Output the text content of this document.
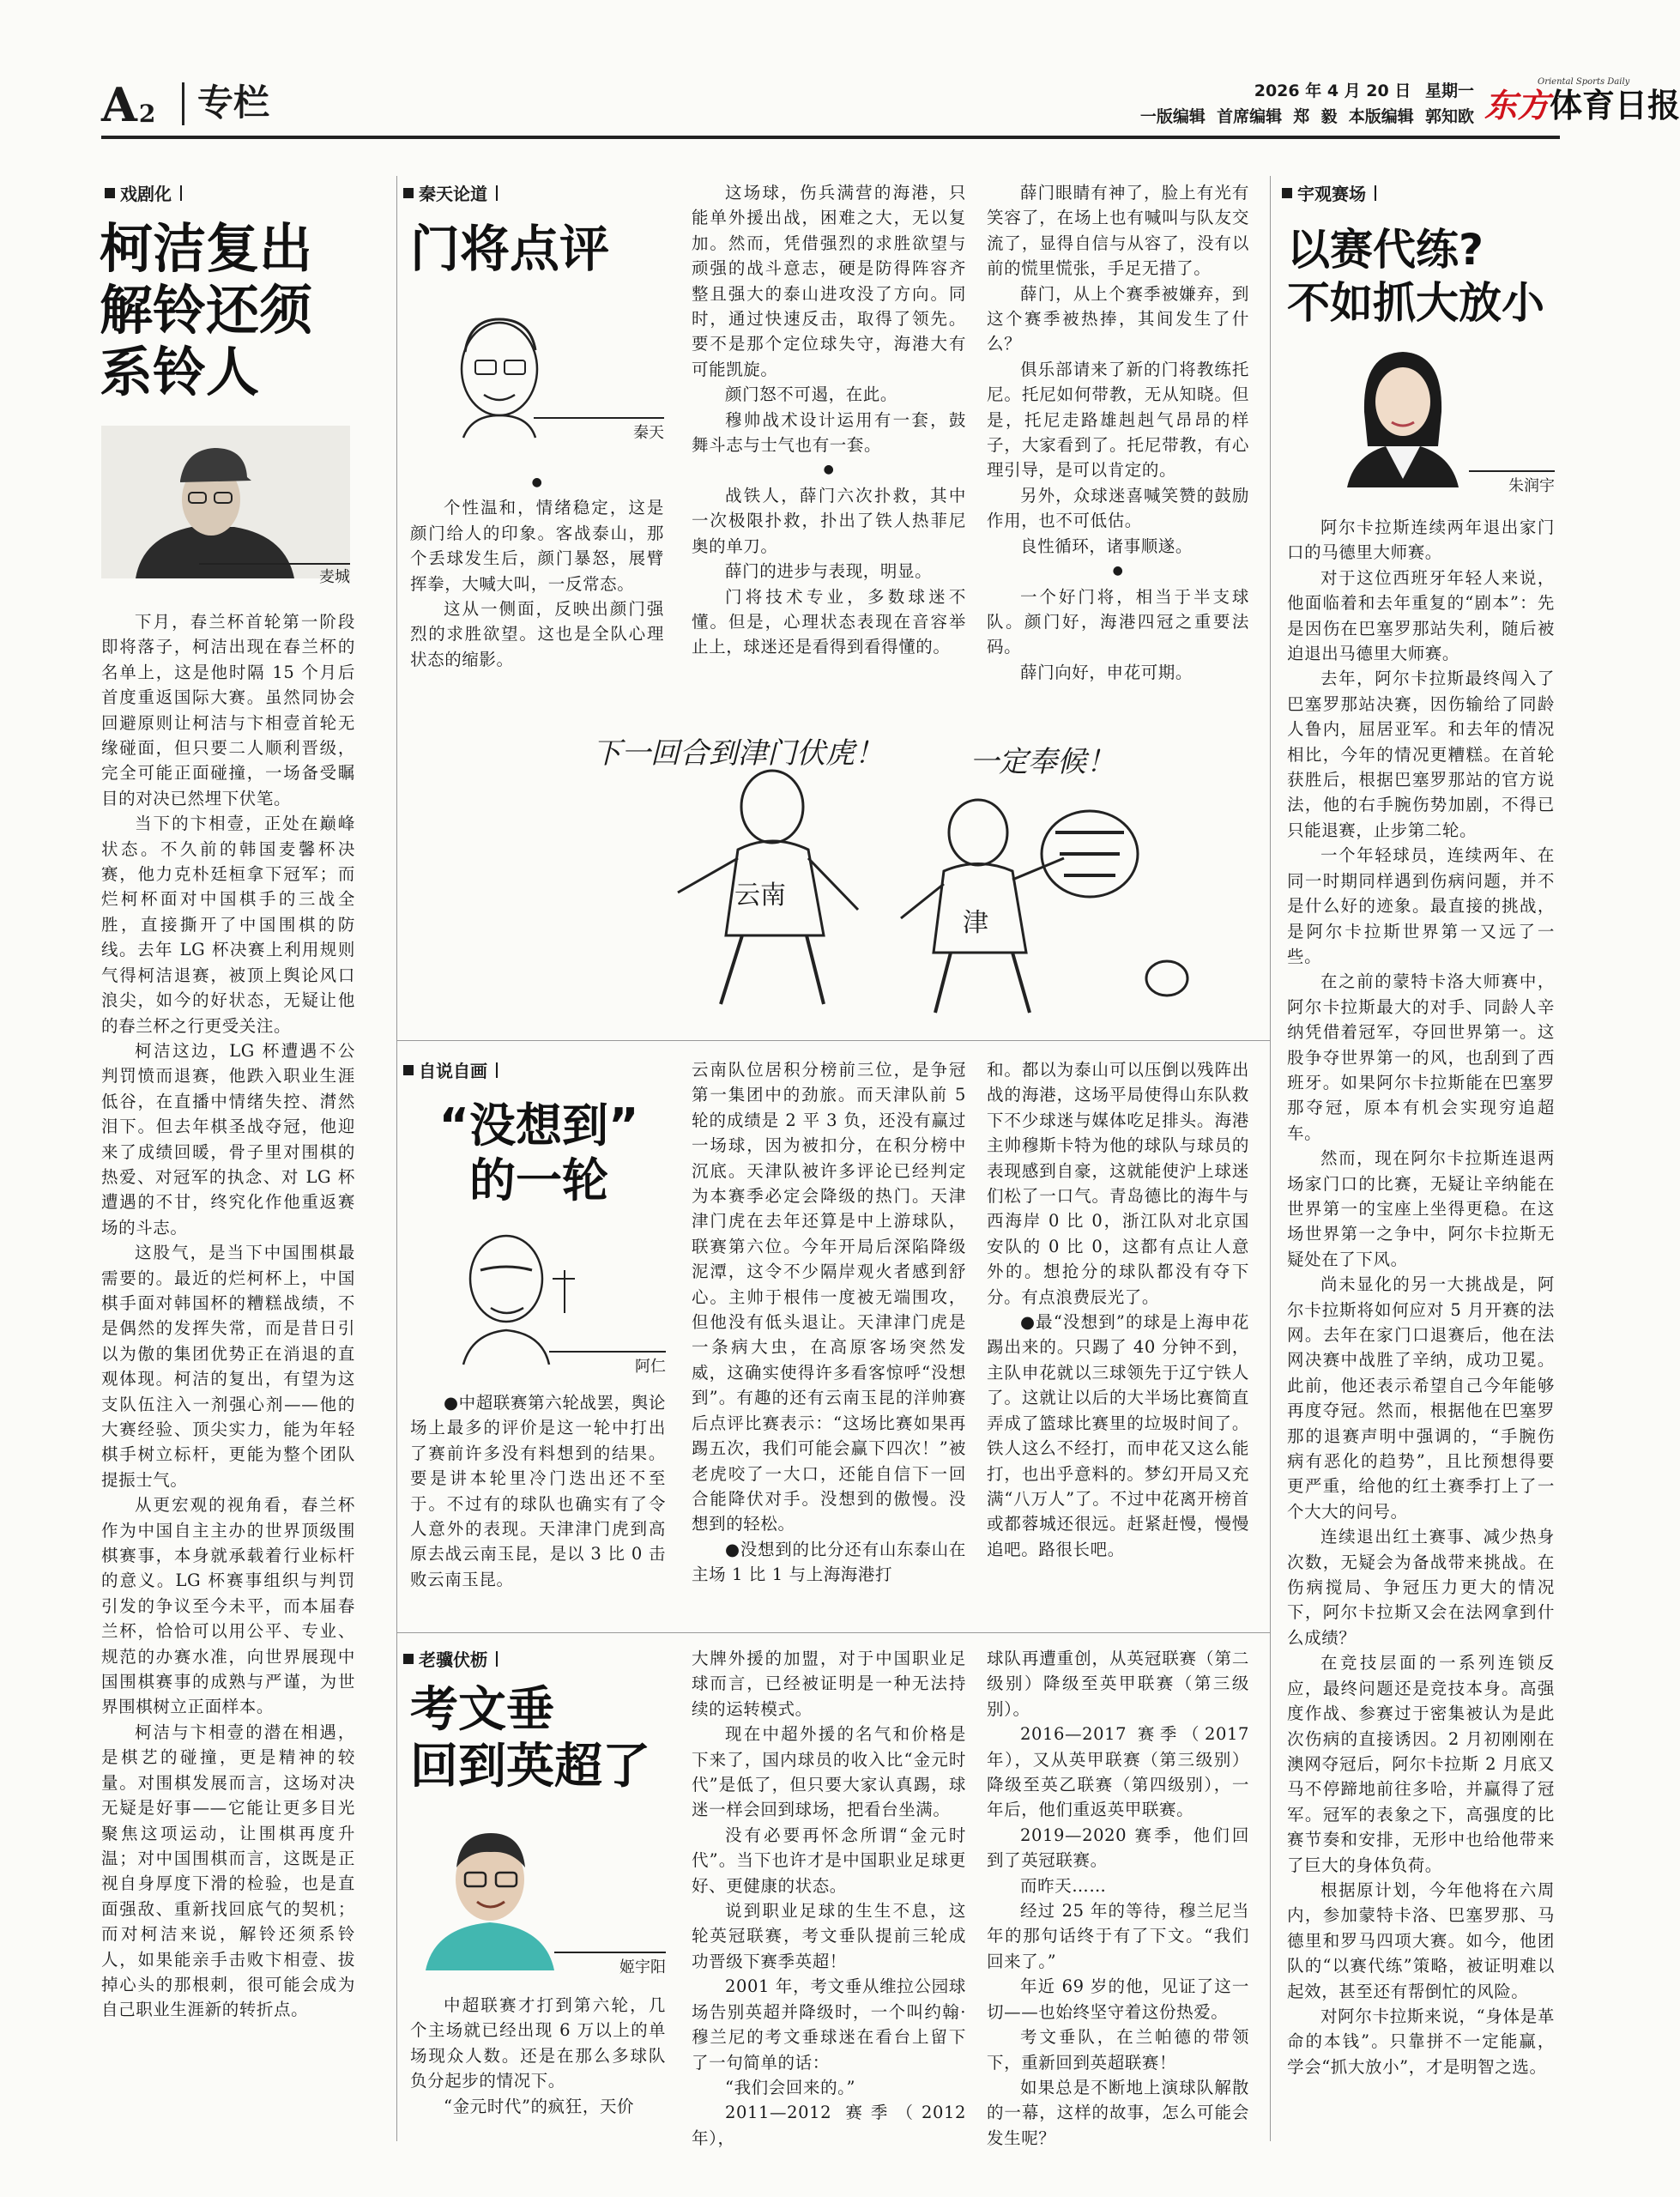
A 2 专栏	2026 年 4 月 20 日 星期一
一版编辑  首席编辑  郑  毅  本版编辑  郭知欧
Oriental Sports Daily
东方体育日报
戏剧化
柯洁复出
解铃还须
系铃人
麦城

下月，春兰杯首轮第一阶段即将落子，柯洁出现在春兰杯的名单上，这是他时隔 15 个月后首度重返国际大赛。虽然同协会回避原则让柯洁与卞相壹首轮无缘碰面，但只要二人顺利晋级，完全可能正面碰撞，一场备受瞩目的对决已然埋下伏笔。

当下的卞相壹，正处在巅峰状态。不久前的韩国麦馨杯决赛，他力克朴廷桓拿下冠军；而烂柯杯面对中国棋手的三战全胜，直接撕开了中国围棋的防线。去年 LG 杯决赛上利用规则气得柯洁退赛，被顶上舆论风口浪尖，如今的好状态，无疑让他的春兰杯之行更受关注。

柯洁这边，LG 杯遭遇不公判罚愤而退赛，他跌入职业生涯低谷，在直播中情绪失控、潸然泪下。但去年棋圣战夺冠，他迎来了成绩回暖，骨子里对围棋的热爱、对冠军的执念、对 LG 杯遭遇的不甘，终究化作他重返赛场的斗志。

这股气，是当下中国围棋最需要的。最近的烂柯杯上，中国棋手面对韩国杯的糟糕战绩，不是偶然的发挥失常，而是昔日引以为傲的集团优势正在消退的直观体现。柯洁的复出，有望为这支队伍注入一剂强心剂——他的大赛经验、顶尖实力，能为年轻棋手树立标杆，更能为整个团队提振士气。

从更宏观的视角看，春兰杯作为中国自主主办的世界顶级围棋赛事，本身就承载着行业标杆的意义。LG 杯赛事组织与判罚引发的争议至今未平，而本届春兰杯，恰恰可以用公平、专业、规范的办赛水准，向世界展现中国围棋赛事的成熟与严谨，为世界围棋树立正面样本。

柯洁与卞相壹的潜在相遇，是棋艺的碰撞，更是精神的较量。对围棋发展而言，这场对决无疑是好事——它能让更多目光聚焦这项运动，让围棋再度升温；对中国围棋而言，这既是正视自身厚度下滑的检验，也是直面强敌、重新找回底气的契机；而对柯洁来说，解铃还须系铃人，如果能亲手击败卞相壹、拔掉心头的那根刺，很可能会成为自己职业生涯新的转折点。

秦天论道
门将点评
秦天

●

个性温和，情绪稳定，这是颜门给人的印象。客战泰山，那个丢球发生后，颜门暴怒，展臂挥拳，大喊大叫，一反常态。

这从一侧面，反映出颜门强烈的求胜欲望。这也是全队心理状态的缩影。

这场球，伤兵满营的海港，只能单外援出战，困难之大，无以复加。然而，凭借强烈的求胜欲望与顽强的战斗意志，硬是防得阵容齐整且强大的泰山进攻没了方向。同时，通过快速反击，取得了领先。要不是那个定位球失守，海港大有可能凯旋。

颜门怒不可遏，在此。

穆帅战术设计运用有一套，鼓舞斗志与士气也有一套。

●

战铁人，薛门六次扑救，其中一次极限扑救，扑出了铁人热菲尼奥的单刀。

薛门的进步与表现，明显。

门将技术专业，多数球迷不懂。但是，心理状态表现在音容举止上，球迷还是看得到看得懂的。

薛门眼睛有神了，脸上有光有笑容了，在场上也有喊叫与队友交流了，显得自信与从容了，没有以前的慌里慌张，手足无措了。

薛门，从上个赛季被嫌弃，到这个赛季被热捧，其间发生了什么？

俱乐部请来了新的门将教练托尼。托尼如何带教，无从知晓。但是，托尼走路雄赳赳气昂昂的样子，大家看到了。托尼带教，有心理引导，是可以肯定的。

另外，众球迷喜喊笑赞的鼓励作用，也不可低估。

良性循环，诸事顺遂。

●

一个好门将，相当于半支球队。颜门好，海港四冠之重要法码。

薛门向好，申花可期。

下一回合到津门伏虎！	一定奉候！
云南
津
自说自画
“没想到”
的一轮
阿仁

●中超联赛第六轮战罢，舆论场上最多的评价是这一轮中打出了赛前许多没有料想到的结果。要是讲本轮里冷门迭出还不至于。不过有的球队也确实有了令人意外的表现。天津津门虎到高原去战云南玉昆，是以 3 比 0 击败云南玉昆。

云南队位居积分榜前三位，是争冠第一集团中的劲旅。而天津队前 5 轮的成绩是 2 平 3 负，还没有赢过一场球，因为被扣分，在积分榜中沉底。天津队被许多评论已经判定为本赛季必定会降级的热门。天津津门虎在去年还算是中上游球队，联赛第六位。今年开局后深陷降级泥潭，这令不少隔岸观火者感到舒心。主帅于根伟一度被无端围攻，但他没有低头退让。天津津门虎是一条病大虫，在高原客场突然发威，这确实使得许多看客惊呼“没想到”。有趣的还有云南玉昆的洋帅赛后点评比赛表示：“这场比赛如果再踢五次，我们可能会赢下四次！”被老虎咬了一大口，还能自信下一回合能降伏对手。没想到的傲慢。没想到的轻松。

●没想到的比分还有山东泰山在主场 1 比 1 与上海海港打

和。都以为泰山可以压倒以残阵出战的海港，这场平局使得山东队救下不少球迷与媒体吃足排头。海港主帅穆斯卡特为他的球队与球员的表现感到自豪，这就能使沪上球迷们松了一口气。青岛德比的海牛与西海岸 0 比 0，浙江队对北京国安队的 0 比 0，这都有点让人意外的。想抢分的球队都没有夺下分。有点浪费辰光了。

●最“没想到”的球是上海申花踢出来的。只踢了 40 分钟不到，主队申花就以三球领先于辽宁铁人了。这就让以后的大半场比赛简直弄成了篮球比赛里的垃圾时间了。铁人这么不经打，而申花又这么能打，也出乎意料的。梦幻开局又充满“八万人”了。不过中花离开榜首或都蓉城还很远。赶紧赶慢，慢慢追吧。路很长吧。

老骥伏枥
考文垂
回到英超了
姬宇阳

中超联赛才打到第六轮，几个主场就已经出现 6 万以上的单场现众人数。还是在那么多球队负分起步的情况下。

“金元时代”的疯狂，天价

大牌外援的加盟，对于中国职业足球而言，已经被证明是一种无法持续的运转模式。

现在中超外援的名气和价格是下来了，国内球员的收入比“金元时代”是低了，但只要大家认真踢，球迷一样会回到球场，把看台坐满。

没有必要再怀念所谓“金元时代”。当下也许才是中国职业足球更好、更健康的状态。

说到职业足球的生生不息，这轮英冠联赛，考文垂队提前三轮成功晋级下赛季英超！

2001 年，考文垂从维拉公园球场告别英超并降级时，一个叫约翰·穆兰尼的考文垂球迷在看台上留下了一句简单的话：

“我们会回来的。”

2011—2012 赛季（2012 年），

球队再遭重创，从英冠联赛（第二级别）降级至英甲联赛（第三级别）。

2016—2017 赛季（2017 年），又从英甲联赛（第三级别）降级至英乙联赛（第四级别），一年后，他们重返英甲联赛。

2019—2020 赛季，他们回到了英冠联赛。

而昨天……

经过 25 年的等待，穆兰尼当年的那句话终于有了下文。“我们回来了。”

年近 69 岁的他，见证了这一切——也始终坚守着这份热爱。

考文垂队，在兰帕德的带领下，重新回到英超联赛！

如果总是不断地上演球队解散的一幕，这样的故事，怎么可能会发生呢？

宇观赛场
以赛代练?
不如抓大放小
朱润宇

阿尔卡拉斯连续两年退出家门口的马德里大师赛。

对于这位西班牙年轻人来说，他面临着和去年重复的“剧本”：先是因伤在巴塞罗那站失利，随后被迫退出马德里大师赛。

去年，阿尔卡拉斯最终闯入了巴塞罗那站决赛，因伤输给了同龄人鲁内，屈居亚军。和去年的情况相比，今年的情况更糟糕。在首轮获胜后，根据巴塞罗那站的官方说法，他的右手腕伤势加剧，不得已只能退赛，止步第二轮。

一个年轻球员，连续两年、在同一时期同样遇到伤病问题，并不是什么好的迹象。最直接的挑战，是阿尔卡拉斯世界第一又远了一些。

在之前的蒙特卡洛大师赛中，阿尔卡拉斯最大的对手、同龄人辛纳凭借着冠军，夺回世界第一。这股争夺世界第一的风，也刮到了西班牙。如果阿尔卡拉斯能在巴塞罗那夺冠，原本有机会实现穷追超车。

然而，现在阿尔卡拉斯连退两场家门口的比赛，无疑让辛纳能在世界第一的宝座上坐得更稳。在这场世界第一之争中，阿尔卡拉斯无疑处在了下风。

尚未显化的另一大挑战是，阿尔卡拉斯将如何应对 5 月开赛的法网。去年在家门口退赛后，他在法网决赛中战胜了辛纳，成功卫冕。此前，他还表示希望自己今年能够再度夺冠。然而，根据他在巴塞罗那的退赛声明中强调的，“手腕伤病有恶化的趋势”，且比预想得要更严重，给他的红土赛季打上了一个大大的问号。

连续退出红土赛事、减少热身次数，无疑会为备战带来挑战。在伤病搅局、争冠压力更大的情况下，阿尔卡拉斯又会在法网拿到什么成绩？

在竞技层面的一系列连锁反应，最终问题还是竞技本身。高强度作战、参赛过于密集被认为是此次伤病的直接诱因。2 月初刚刚在澳网夺冠后，阿尔卡拉斯 2 月底又马不停蹄地前往多哈，并赢得了冠军。冠军的表象之下，高强度的比赛节奏和安排，无形中也给他带来了巨大的身体负荷。

根据原计划，今年他将在六周内，参加蒙特卡洛、巴塞罗那、马德里和罗马四项大赛。如今，他团队的“以赛代练”策略，被证明难以起效，甚至还有帮倒忙的风险。

对阿尔卡拉斯来说，“身体是革命的本钱”。只靠拼不一定能赢，学会“抓大放小”，才是明智之选。
